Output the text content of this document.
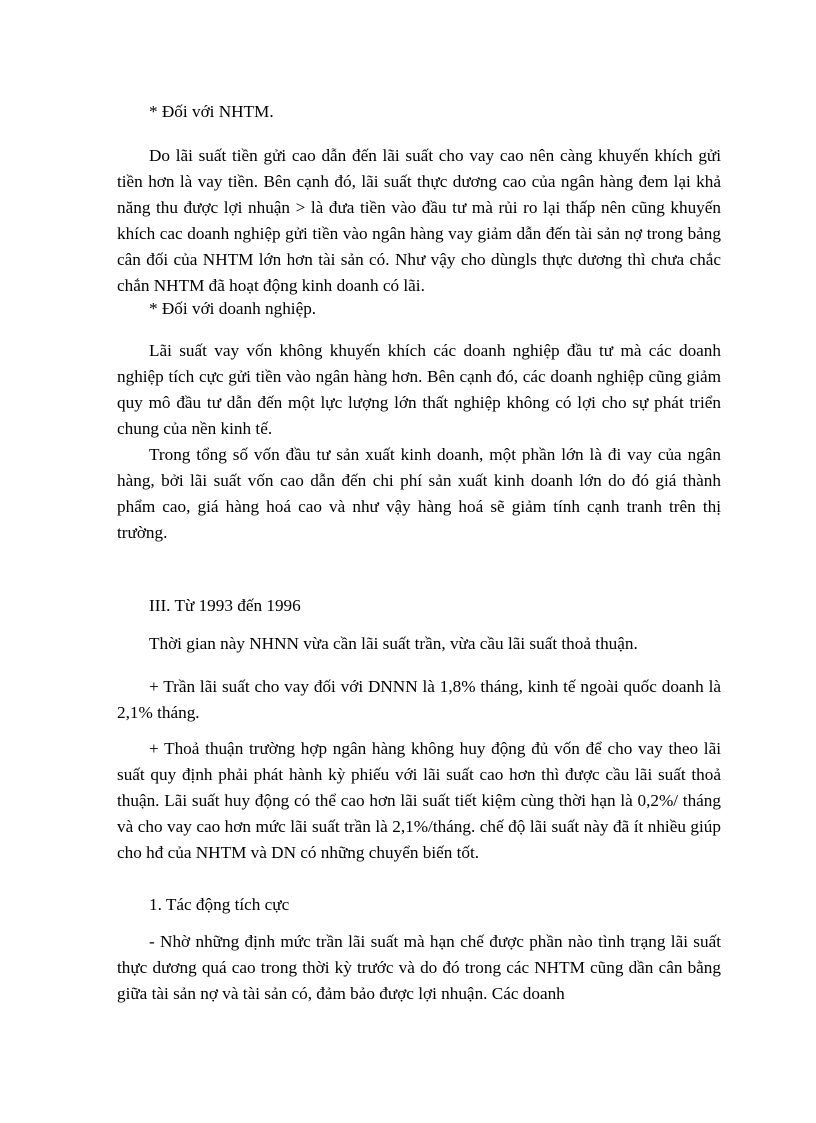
* Đối với NHTM.

Do lãi suất tiền gửi cao dẫn đến lãi suất cho vay cao nên càng khuyến khích gửi tiền hơn là vay tiền. Bên cạnh đó, lãi suất thực dương cao của ngân hàng đem lại khả năng thu được lợi nhuận > là đưa tiền vào đầu tư mà rủi ro lại thấp nên cũng khuyến khích cac doanh nghiệp gửi tiền vào ngân hàng vay giảm dẫn đến tài sản nợ trong bảng cân đối của NHTM lớn hơn tài sản có. Như vậy cho dùngls thực dương thì chưa chắc chắn NHTM đã hoạt động kinh doanh có lãi.

* Đối với doanh nghiệp.

Lãi suất vay vốn không khuyến khích các doanh nghiệp đầu tư mà các doanh nghiệp tích cực gửi tiền vào ngân hàng hơn. Bên cạnh đó, các doanh nghiệp cũng giảm quy mô đầu tư dẫn đến một lực lượng lớn thất nghiệp không có lợi cho sự phát triển chung của nền kinh tế.

Trong tổng số vốn đầu tư sản xuất kinh doanh, một phần lớn là đi vay của ngân hàng, bởi lãi suất vốn cao dẫn đến chi phí sản xuất kinh doanh lớn do đó giá thành phẩm cao, giá hàng hoá cao và như vậy hàng hoá sẽ giảm tính cạnh tranh trên thị trường.

III. Từ 1993 đến 1996

Thời gian này NHNN vừa cần lãi suất trần, vừa cầu lãi suất thoả thuận.

+ Trần lãi suất cho vay đối với DNNN là 1,8% tháng, kinh tế ngoài quốc doanh là 2,1% tháng.

+ Thoả thuận trường hợp ngân hàng không huy động đủ vốn để cho vay theo lãi suất quy định phải phát hành kỳ phiếu với lãi suất cao hơn thì được cầu lãi suất thoả thuận. Lãi suất huy động có thể cao hơn lãi suất tiết kiệm cùng thời hạn là 0,2%/ tháng và cho vay cao hơn mức lãi suất trần là 2,1%/tháng. chế độ lãi suất này đã ít nhiều giúp cho hđ của NHTM và DN có những chuyển biến tốt.

1. Tác động tích cực

- Nhờ những định mức trần lãi suất mà hạn chế được phần nào tình trạng lãi suất thực dương quá cao trong thời kỳ trước và do đó trong các NHTM cũng dần cân bằng giữa tài sản nợ và tài sản có, đảm bảo được lợi nhuận. Các doanh
